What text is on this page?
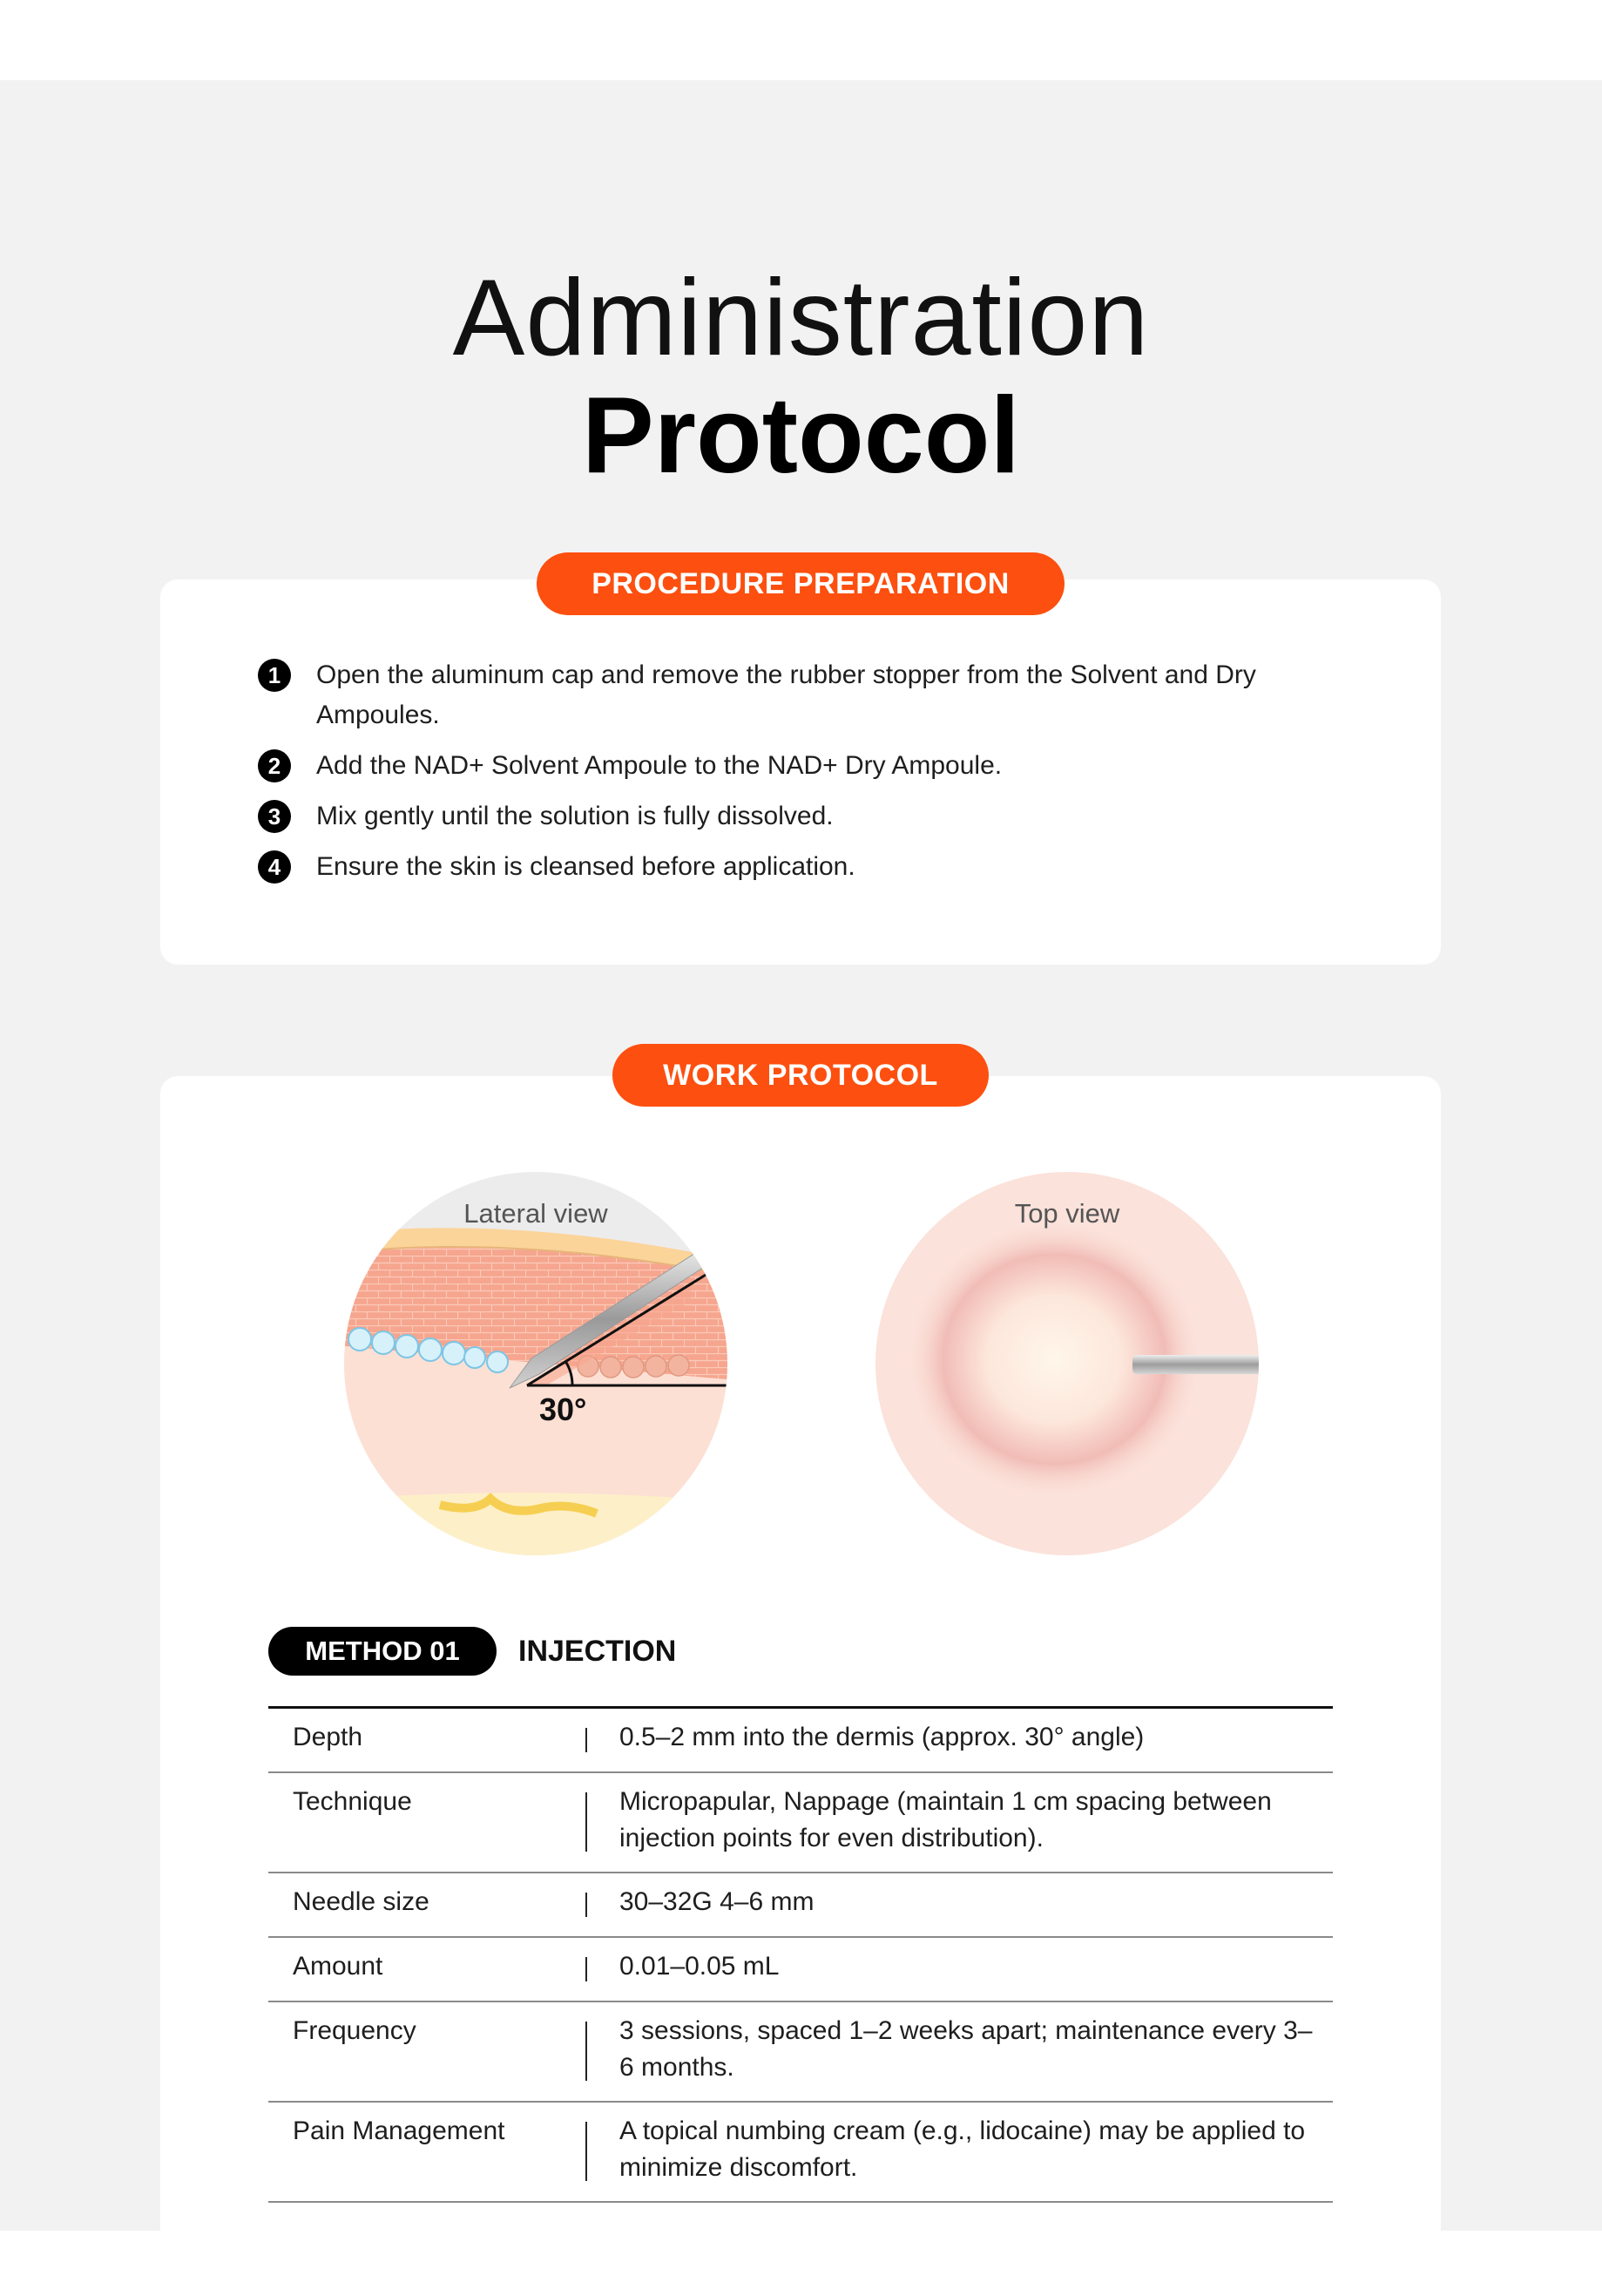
Administration
Protocol
PROCEDURE PREPARATION
1	Open the aluminum cap and remove the rubber stopper from the Solvent and Dry Ampoules.
2	Add the NAD+ Solvent Ampoule to the NAD+ Dry Ampoule.
3	Mix gently until the solution is fully dissolved.
4	Ensure the skin is cleansed before application.
WORK PROTOCOL
Lateral view
30°
Top view
METHOD 01	INJECTION
Depth	0.5–2 mm into the dermis (approx. 30° angle)
Technique	Micropapular, Nappage (maintain 1 cm spacing between injection points for even distribution).
Needle size	30–32G 4–6 mm
Amount	0.01–0.05 mL
Frequency	3 sessions, spaced 1–2 weeks apart; maintenance every 3–6 months.
Pain Management	A topical numbing cream (e.g., lidocaine) may be applied to minimize discomfort.
